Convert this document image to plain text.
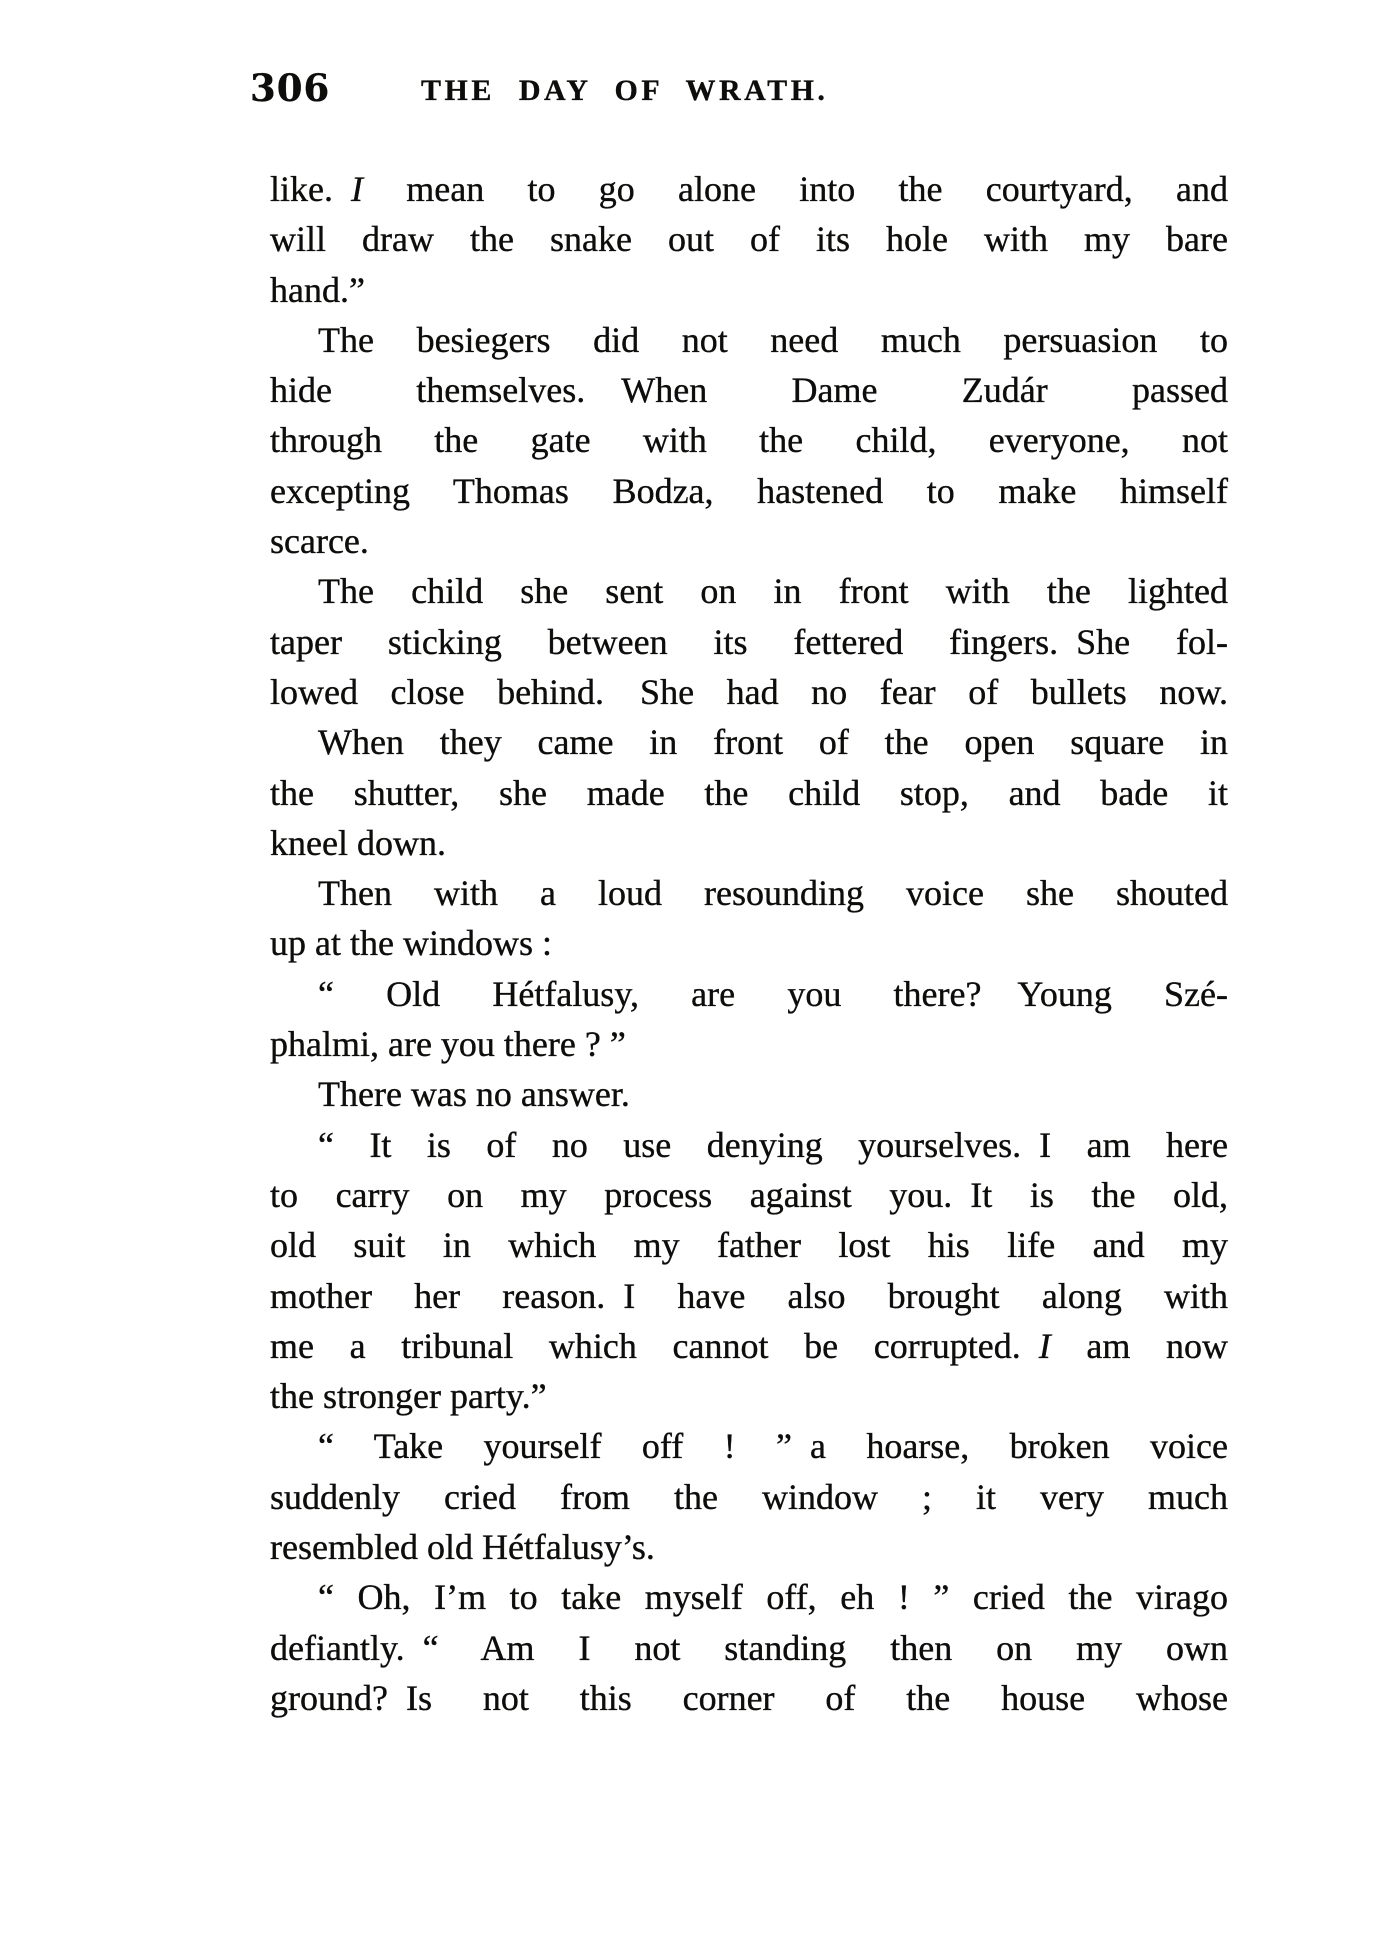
306	THE DAY OF WRATH.
like. I mean to go alone into the courtyard, and
will draw the snake out of its hole with my bare
hand.”
The besiegers did not need much persuasion to
hide themselves. When Dame Zudár passed
through the gate with the child, everyone, not
excepting Thomas Bodza, hastened to make himself
scarce.
The child she sent on in front with the lighted
taper sticking between its fettered fingers. She fol-
lowed close behind. She had no fear of bullets now.
When they came in front of the open square in
the shutter, she made the child stop, and bade it
kneel down.
Then with a loud resounding voice she shouted
up at the windows :
“ Old Hétfalusy, are you there? Young Szé-
phalmi, are you there ? ”
There was no answer.
“ It is of no use denying yourselves. I am here
to carry on my process against you. It is the old,
old suit in which my father lost his life and my
mother her reason. I have also brought along with
me a tribunal which cannot be corrupted. I am now
the stronger party.”
“ Take yourself off ! ” a hoarse, broken voice
suddenly cried from the window ; it very much
resembled old Hétfalusy’s.
“ Oh, I’m to take myself off, eh ! ” cried the virago
defiantly. “ Am I not standing then on my own
ground? Is not this corner of the house whose
